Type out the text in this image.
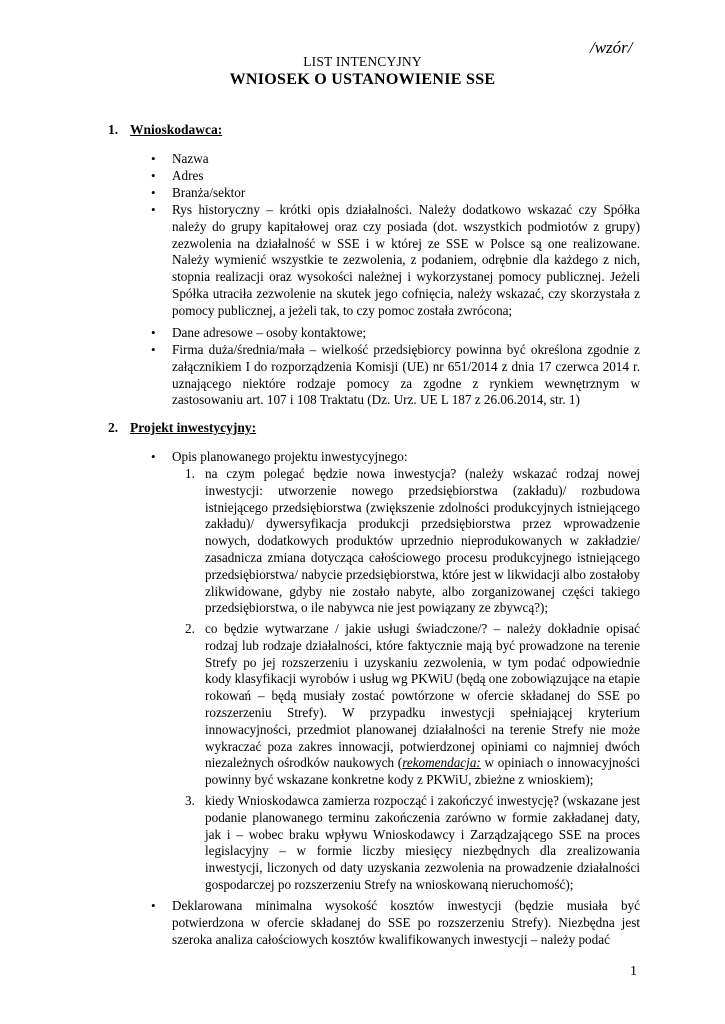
/wzór/
LIST INTENCYJNY
WNIOSEK O USTANOWIENIE SSE
1. Wnioskodawca:
• Nazwa

• Adres

• Branża/sektor

• Rys historyczny – krótki opis działalności. Należy dodatkowo wskazać czy Spółka należy do grupy kapitałowej oraz czy posiada (dot. wszystkich podmiotów z grupy) zezwolenia na działalność w SSE i w której ze SSE w Polsce są one realizowane. Należy wymienić wszystkie te zezwolenia, z podaniem, odrębnie dla każdego z nich, stopnia realizacji oraz wysokości należnej i wykorzystanej pomocy publicznej. Jeżeli Spółka utraciła zezwolenie na skutek jego cofnięcia, należy wskazać, czy skorzystała z pomocy publicznej, a jeżeli tak, to czy pomoc została zwrócona;

• Dane adresowe – osoby kontaktowe;

• Firma duża/średnia/mała – wielkość przedsiębiorcy powinna być określona zgodnie z załącznikiem I do rozporządzenia Komisji (UE) nr 651/2014 z dnia 17 czerwca 2014 r. uznającego niektóre rodzaje pomocy za zgodne z rynkiem wewnętrznym w zastosowaniu art. 107 i 108 Traktatu (Dz. Urz. UE L 187 z 26.06.2014, str. 1)

2. Projekt inwestycyjny:
• Opis planowanego projektu inwestycyjnego:

1. na czym polegać będzie nowa inwestycja? (należy wskazać rodzaj nowej inwestycji: utworzenie nowego przedsiębiorstwa (zakładu)/ rozbudowa istniejącego przedsiębiorstwa (zwiększenie zdolności produkcyjnych istniejącego zakładu)/ dywersyfikacja produkcji przedsiębiorstwa przez wprowadzenie nowych, dodatkowych produktów uprzednio nieprodukowanych w zakładzie/ zasadnicza zmiana dotycząca całościowego procesu produkcyjnego istniejącego przedsiębiorstwa/ nabycie przedsiębiorstwa, które jest w likwidacji albo zostałoby zlikwidowane, gdyby nie zostało nabyte, albo zorganizowanej części takiego przedsiębiorstwa, o ile nabywca nie jest powiązany ze zbywcą?);

2. co będzie wytwarzane / jakie usługi świadczone/? – należy dokładnie opisać rodzaj lub rodzaje działalności, które faktycznie mają być prowadzone na terenie Strefy po jej rozszerzeniu i uzyskaniu zezwolenia, w tym podać odpowiednie kody klasyfikacji wyrobów i usług wg PKWiU (będą one zobowiązujące na etapie rokowań – będą musiały zostać powtórzone w ofercie składanej do SSE po rozszerzeniu Strefy). W przypadku inwestycji spełniającej kryterium innowacyjności, przedmiot planowanej działalności na terenie Strefy nie może wykraczać poza zakres innowacji, potwierdzonej opiniami co najmniej dwóch niezależnych ośrodków naukowych (rekomendacja: w opiniach o innowacyjności powinny być wskazane konkretne kody z PKWiU, zbieżne z wnioskiem);

3. kiedy Wnioskodawca zamierza rozpocząć i zakończyć inwestycję? (wskazane jest podanie planowanego terminu zakończenia zarówno w formie zakładanej daty, jak i – wobec braku wpływu Wnioskodawcy i Zarządzającego SSE na proces legislacyjny – w formie liczby miesięcy niezbędnych dla zrealizowania inwestycji, liczonych od daty uzyskania zezwolenia na prowadzenie działalności gospodarczej po rozszerzeniu Strefy na wnioskowaną nieruchomość);

• Deklarowana minimalna wysokość kosztów inwestycji (będzie musiała być potwierdzona w ofercie składanej do SSE po rozszerzeniu Strefy). Niezbędna jest szeroka analiza całościowych kosztów kwalifikowanych inwestycji – należy podać

1
